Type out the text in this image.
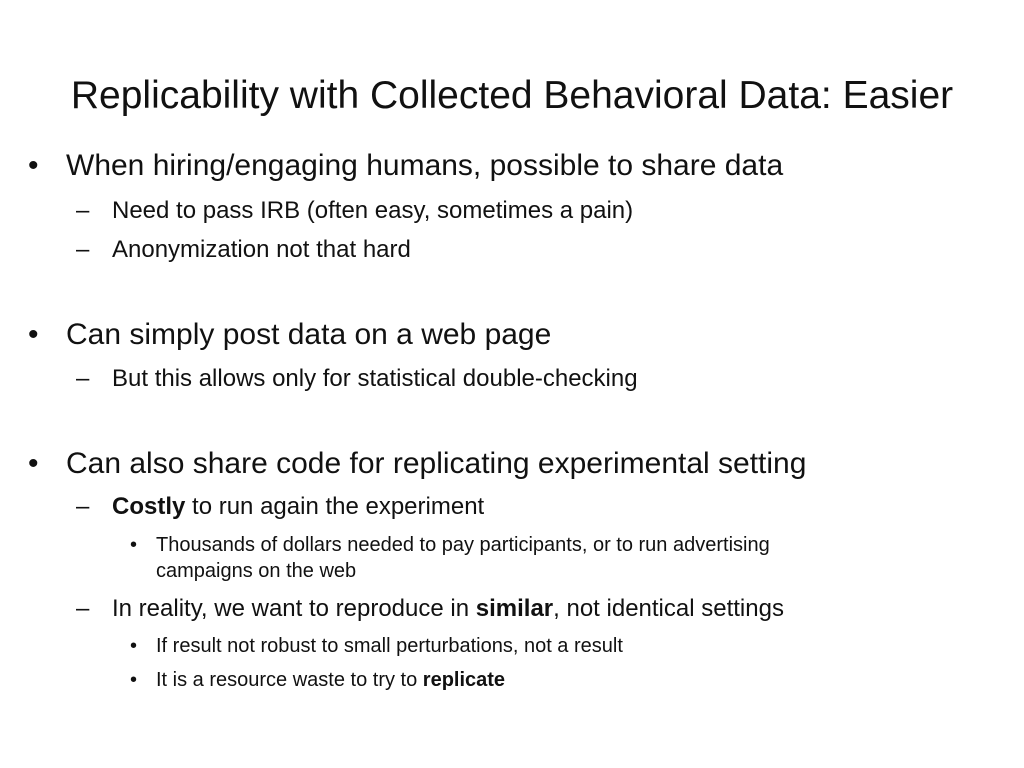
Replicability with Collected Behavioral Data: Easier
• When hiring/engaging humans, possible to share data
– Need to pass IRB (often easy, sometimes a pain)
– Anonymization not that hard
• Can simply post data on a web page
– But this allows only for statistical double-checking
• Can also share code for replicating experimental setting
– Costly to run again the experiment
• Thousands of dollars needed to pay participants, or to run advertising
campaigns on the web
– In reality, we want to reproduce in similar, not identical settings
• If result not robust to small perturbations, not a result
• It is a resource waste to try to replicate
